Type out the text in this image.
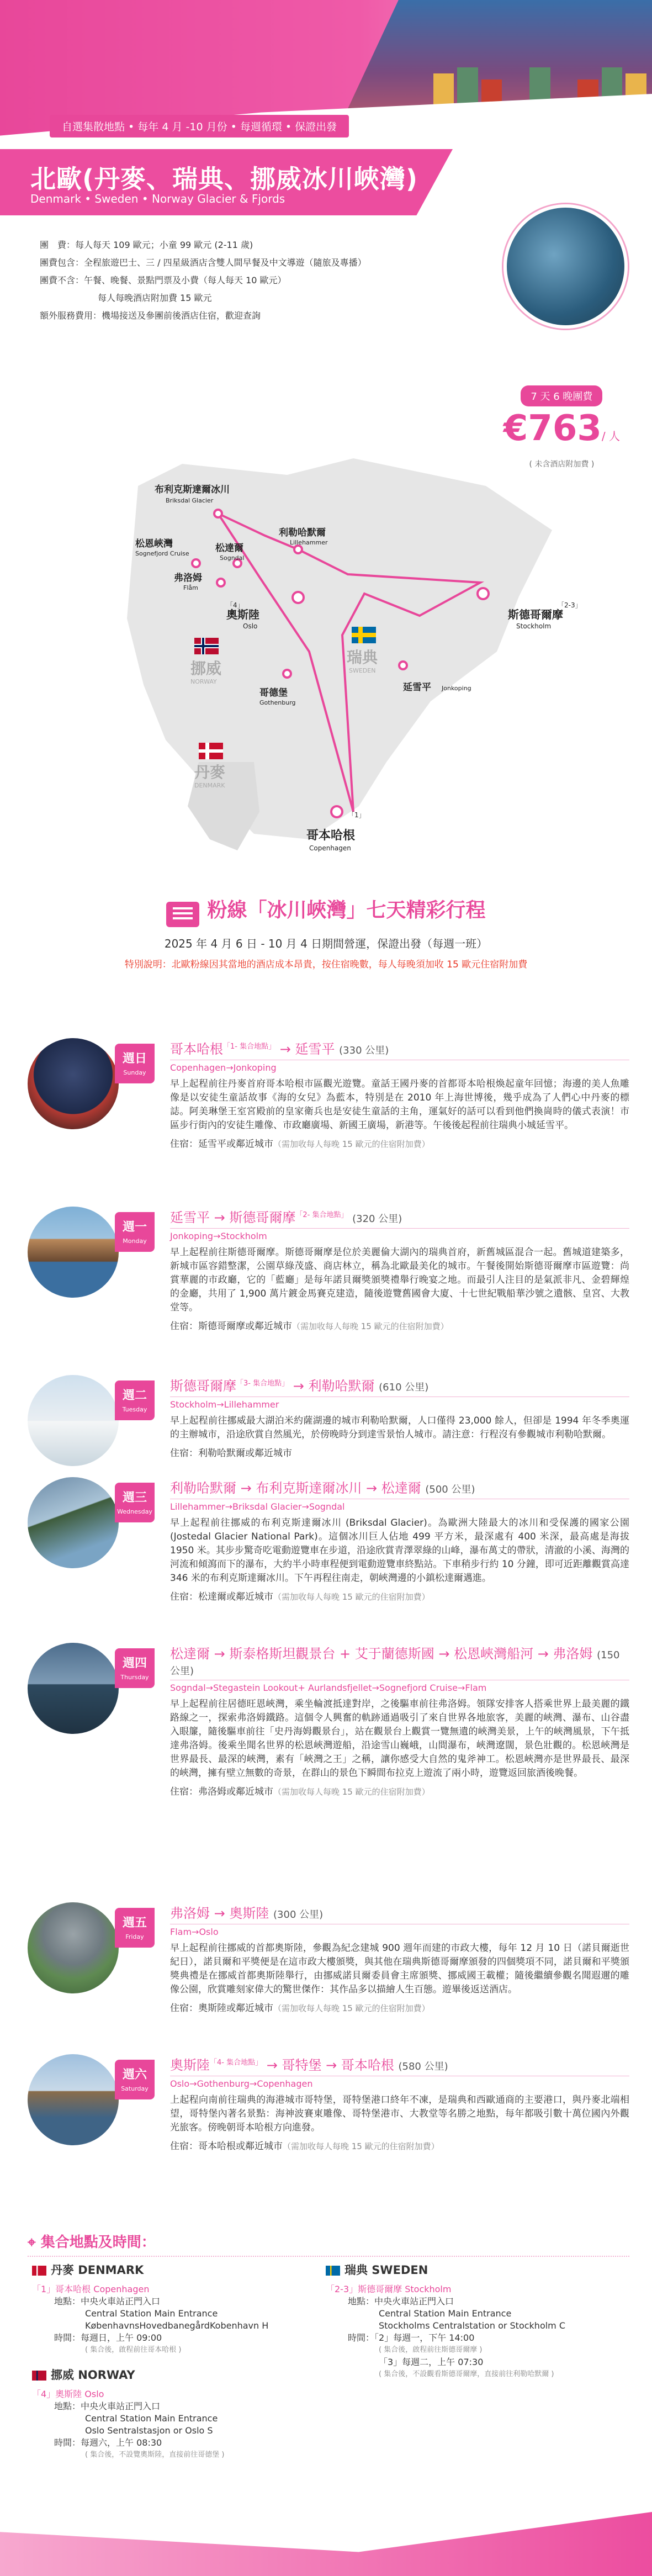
自選集散地點 • 每年 4 月 -10 月份 • 每週循環 • 保證出發
北歐(丹麥、瑞典、挪威冰川峽灣)
Denmark • Sweden • Norway Glacier & Fjords
團　費：每人每天 109 歐元；小童 99 歐元 (2-11 歲)
團費包含：全程旅遊巴士、三 / 四星級酒店含雙人間早餐及中文導遊（隨旅及專播）
團費不含：午餐、晚餐、景點門票及小費（每人每天 10 歐元）
每人每晚酒店附加費 15 歐元
額外服務費用：機場接送及參團前後酒店住宿，歡迎查詢
7 天 6 晚團費
€763/ 人
( 未含酒店附加費 )
布利克斯達爾冰川
Briksdal Glacier
利勒哈默爾
Lillehammer
松恩峽灣
Sognefjord Cruise	松達爾
Sogndal
弗洛姆
Flåm
奧斯陸
Oslo
「4」
斯德哥爾摩
Stockholm
「2-3」
哥德堡
Gothenburg
延雪平 Jonkoping
哥本哈根
Copenhagen
「1」
挪威
NORWAY
瑞典
SWEDEN
丹麥
DENMARK
粉線「冰川峽灣」七天精彩行程
2025 年 4 月 6 日 - 10 月 4 日期間營運，保證出發（每週一班）
特別說明：北歐粉線因其當地的酒店成本昂貴，按住宿晚數，每人每晚須加收 15 歐元住宿附加費
週日
Sunday
哥本哈根$^{「1- 集合地點」}$ → 延雪平 (330 公里)
Copenhagen→Jonkoping
早上起程前往丹麥首府哥本哈根市區觀光遊覽。童話王國丹麥的首都哥本哈根煥起童年回憶；海邊的美人魚雕像是以安徒生童話故事《海的女兒》為藍本，特別是在 2010 年上海世博後，幾乎成為了人們心中丹麥的標誌。阿美琳堡王室宮殿前的皇家衛兵也是安徒生童話的主角，運氣好的話可以看到他們換崗時的儀式表演！市區步行街內的安徒生雕像、市政廳廣場、新國王廣場，新港等。午後後起程前往瑞典小城延雪平。
住宿：延雪平或鄰近城市（需加收每人每晚 15 歐元的住宿附加費）
週一
Monday
延雪平 → 斯德哥爾摩$^{「2- 集合地點」}$ (320 公里)
Jonkoping→Stockholm
早上起程前往斯德哥爾摩。斯德哥爾摩是位於美麗倫大湖內的瑞典首府，新舊城區混合一起。舊城道建築多，新城市區容錯整潔，公園草綠茂盛、商店林立，稱為北歐最美化的城市。午餐後開始斯德哥爾摩市區遊覽：尚賞華麗的市政廳，它的「藍廳」是每年諾貝爾獎頒獎禮舉行晚宴之地。而最引人注目的是氣派非凡、金碧輝煌的金廳，共用了 1,900 萬片鍍金馬賽克建造，隨後遊覽舊國會大廈、十七世紀戰船華沙號之遺骸、皇宮、大教堂等。
住宿：斯德哥爾摩或鄰近城市（需加收每人每晚 15 歐元的住宿附加費）
週二
Tuesday
斯德哥爾摩$^{「3- 集合地點」}$ → 利勒哈默爾 (610 公里)
Stockholm→Lillehammer
早上起程前往挪威最大湖泊米約薩湖邊的城市利勒哈默爾，人口僅得 23,000 餘人，但卻是 1994 年冬季奧運的主辦城市，沿途欣賞自然風光，於傍晚時分到達雪景怡人城市。請注意：行程沒有參觀城市利勒哈默爾。
住宿：利勒哈默爾或鄰近城市
週三
Wednesday
利勒哈默爾 → 布利克斯達爾冰川 → 松達爾 (500 公里)
Lillehammer→Briksdal Glacier→Sogndal
早上起程前往挪威的布利克斯達爾冰川 (Briksdal Glacier)。為歐洲大陸最大的冰川和受保護的國家公園 (Jostedal Glacier National Park)。這個冰川巨人佔地 499 平方米，最深處有 400 米深，最高處是海拔 1950 米。其步步驚奇吃電動遊覽車在步道，沿途欣賞青澤翠綠的山峰，瀑布萬丈的帶狀，清澈的小溪、海灣的河流和傾瀉而下的瀑布，大約半小時車程便到電動遊覽車終點站。下車稍步行約 10 分鐘，即可近距離觀賞高達 346 米的布利克斯達爾冰川。下午再程往南走，朝峽灣邊的小鎮松達爾邁進。
住宿：松達爾或鄰近城市（需加收每人每晚 15 歐元的住宿附加費）
週四
Thursday
松達爾 → 斯泰格斯坦觀景台 + 艾于蘭德斯國 → 松恩峽灣船河 → 弗洛姆 (150 公里)
Sogndal→Stegastein Lookout+ Aurlandsfjellet→Sognefjord Cruise→Flam
早上起程前往居德旺恩峽灣，乘坐輪渡抵達對岸，之後驅車前往弗洛姆。領隊安排客人搭乘世界上最美麗的鐵路線之一，探索弗洛姆鐵路。這個令人興奮的軌跡通過吸引了來自世界各地旅客，美麗的峽灣、瀑布、山谷盡入眼簾，隨後驅車前往「史丹海姆觀景台」，站在觀景台上觀賞一覽無遺的峽灣美景，上午的峽灣風景，下午抵達弗洛姆。後乘坐聞名世界的松恩峽灣遊船，沿途雪山巍峨，山間瀑布，峽灣遼闊，景色壯觀的。松恩峽灣是世界最長、最深的峽灣，素有「峽灣之王」之稱，讓你感受大自然的鬼斧神工。松恩峽灣亦是世界最長、最深的峽灣，擁有壁立無數的奇景，在群山的景色下瞬間布拉克上遊流了兩小時，遊覽返回旅酒後晚餐。
住宿：弗洛姆或鄰近城市（需加收每人每晚 15 歐元的住宿附加費）
週五
Friday
弗洛姆 → 奧斯陸 (300 公里)
Flam→Oslo
早上起程前往挪威的首都奧斯陸，參觀為紀念建城 900 週年而建的市政大樓，每年 12 月 10 日（諾貝爾逝世紀日），諾貝爾和平獎便是在這市政大樓頒獎，與其他在瑞典斯德哥爾摩頒發的四個獎項不同，諾貝爾和平獎頒獎典禮是在挪威首都奧斯陸舉行，由挪威諾貝爾委員會主席頒獎、挪威國王載權；隨後繼續參觀名聞遐邇的雕像公園，欣賞雕刻家偉大的驚世傑作：其作品多以描繪人生百態。遊畢後返送酒店。
住宿：奧斯陸或鄰近城市（需加收每人每晚 15 歐元的住宿附加費）
週六
Saturday
奧斯陸$^{「4- 集合地點」}$ → 哥特堡 → 哥本哈根 (580 公里)
Oslo→Gothenburg→Copenhagen
上起程向南前往瑞典的海港城市哥特堡，哥特堡港口終年不凍，是瑞典和西歐通商的主要港口，與丹麥北端相望，哥特堡內著名景點：海神波賽東雕像、哥特堡港市、大教堂等名勝之地點，每年都吸引數十萬位國內外觀光旅客。傍晚朝哥本哈根方向進發。
住宿：哥本哈根或鄰近城市（需加收每人每晚 15 歐元的住宿附加費）
⌖ 集合地點及時間：
丹麥 DENMARK
「1」哥本哈根 Copenhagen
地點：中央火車站正門入口
Central Station Main Entrance
KøbenhavnsHovedbanegårdKobenhavn H
時間：每週日，上午 09:00
( 集合後，啟程前往哥本哈根 )
瑞典 SWEDEN
「2-3」斯德哥爾摩 Stockholm
地點：中央火車站正門入口
Central Station Main Entrance
Stockholms Centralstation or Stockholm C
時間：「2」每週一，下午 14:00
( 集合後，啟程前往斯德哥爾摩 )
「3」每週二，上午 07:30
( 集合後，不設觀看斯德哥爾摩，直接前往利勒哈默爾 )
挪威 NORWAY
「4」奧斯陸 Oslo
地點：中央火車站正門入口
Central Station Main Entrance
Oslo Sentralstasjon or Oslo S
時間：每週六，上午 08:30
( 集合後，不設覽奧斯陸，直接前往哥德堡 )
